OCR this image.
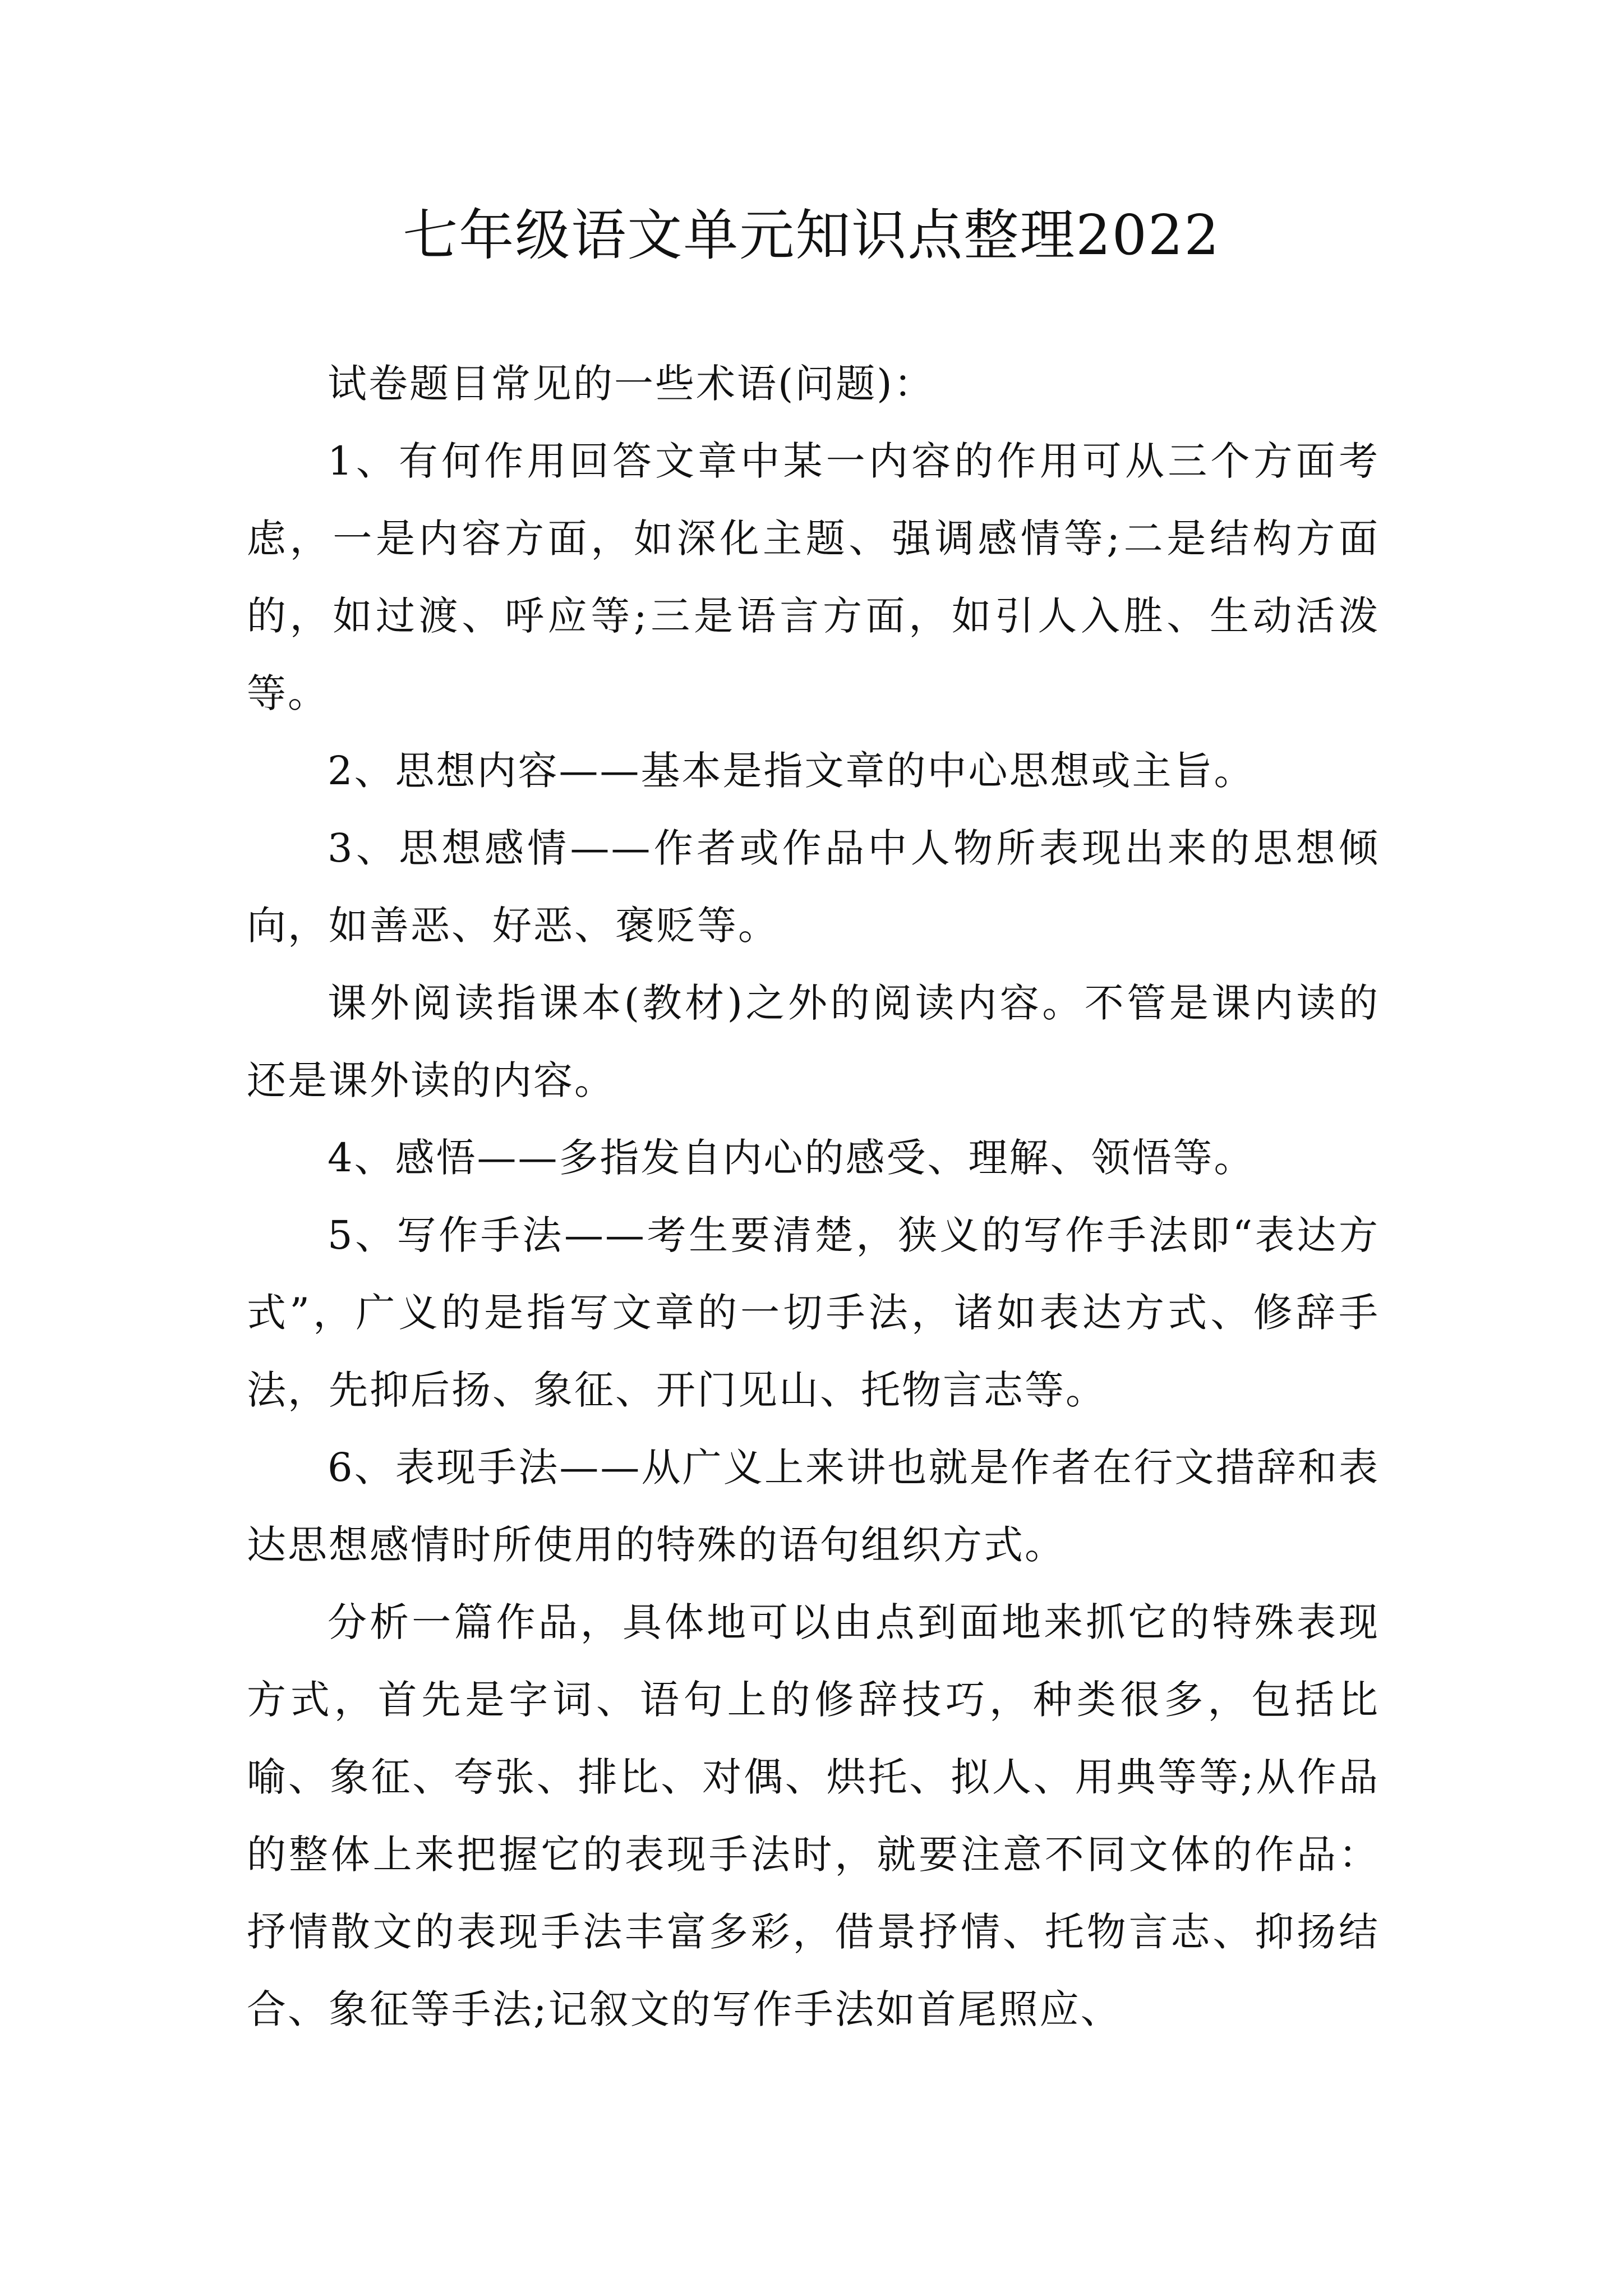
七年级语文单元知识点整理2022

试卷题目常见的一些术语(问题)：

1、有何作用回答文章中某一内容的作用可从三个方面考虑，一是内容方面，如深化主题、强调感情等;二是结构方面的，如过渡、呼应等;三是语言方面，如引人入胜、生动活泼等。

2、思想内容——基本是指文章的中心思想或主旨。

3、思想感情——作者或作品中人物所表现出来的思想倾向，如善恶、好恶、褒贬等。

课外阅读指课本(教材)之外的阅读内容。不管是课内读的还是课外读的内容。

4、感悟——多指发自内心的感受、理解、领悟等。

5、写作手法——考生要清楚，狭义的写作手法即“表达方式”，广义的是指写文章的一切手法，诸如表达方式、修辞手法，先抑后扬、象征、开门见山、托物言志等。

6、表现手法——从广义上来讲也就是作者在行文措辞和表达思想感情时所使用的特殊的语句组织方式。

分析一篇作品，具体地可以由点到面地来抓它的特殊表现方式，首先是字词、语句上的修辞技巧，种类很多，包括比喻、象征、夸张、排比、对偶、烘托、拟人、用典等等;从作品的整体上来把握它的表现手法时，就要注意不同文体的作品：抒情散文的表现手法丰富多彩，借景抒情、托物言志、抑扬结合、象征等手法;记叙文的写作手法如首尾照应、
